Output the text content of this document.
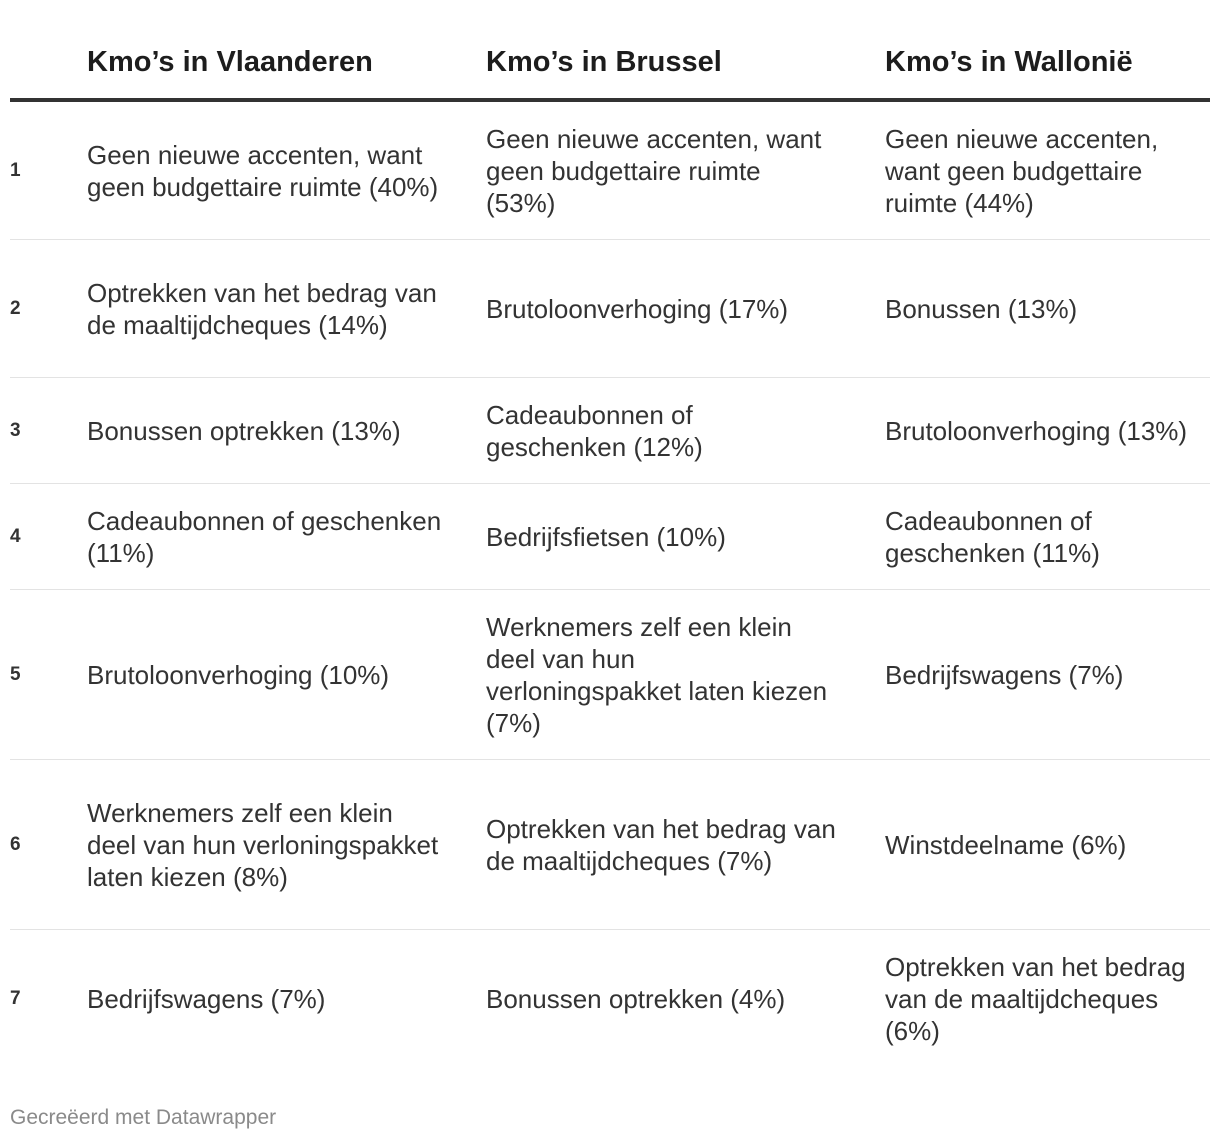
	Kmo’s in Vlaanderen	Kmo’s in Brussel	Kmo’s in Wallonië

1	Geen nieuwe accenten, want geen budgettaire ruimte (40%)	Geen nieuwe accenten, want geen budgettaire ruimte (53%)	Geen nieuwe accenten,
want geen budgettaire
ruimte (44%)

2	Optrekken van het bedrag van de maaltijdcheques (14%)	Brutoloonverhoging (17%)	Bonussen (13%)

3	Bonussen optrekken (13%)	Cadeaubonnen of geschenken (12%)	Brutoloonverhoging (13%)

4	Cadeaubonnen of geschenken (11%)	Bedrijfsfietsen (10%)	Cadeaubonnen of
geschenken (11%)

5	Brutoloonverhoging (10%)	Werknemers zelf een klein deel van hun verloningspakket laten kiezen (7%)	Bedrijfswagens (7%)

6	Werknemers zelf een klein deel van hun verloningspakket laten kiezen (8%)	Optrekken van het bedrag van de maaltijdcheques (7%)	Winstdeelname (6%)

7	Bedrijfswagens (7%)	Bonussen optrekken (4%)	Optrekken van het bedrag
van de maaltijdcheques
(6%)
Gecreëerd met Datawrapper
